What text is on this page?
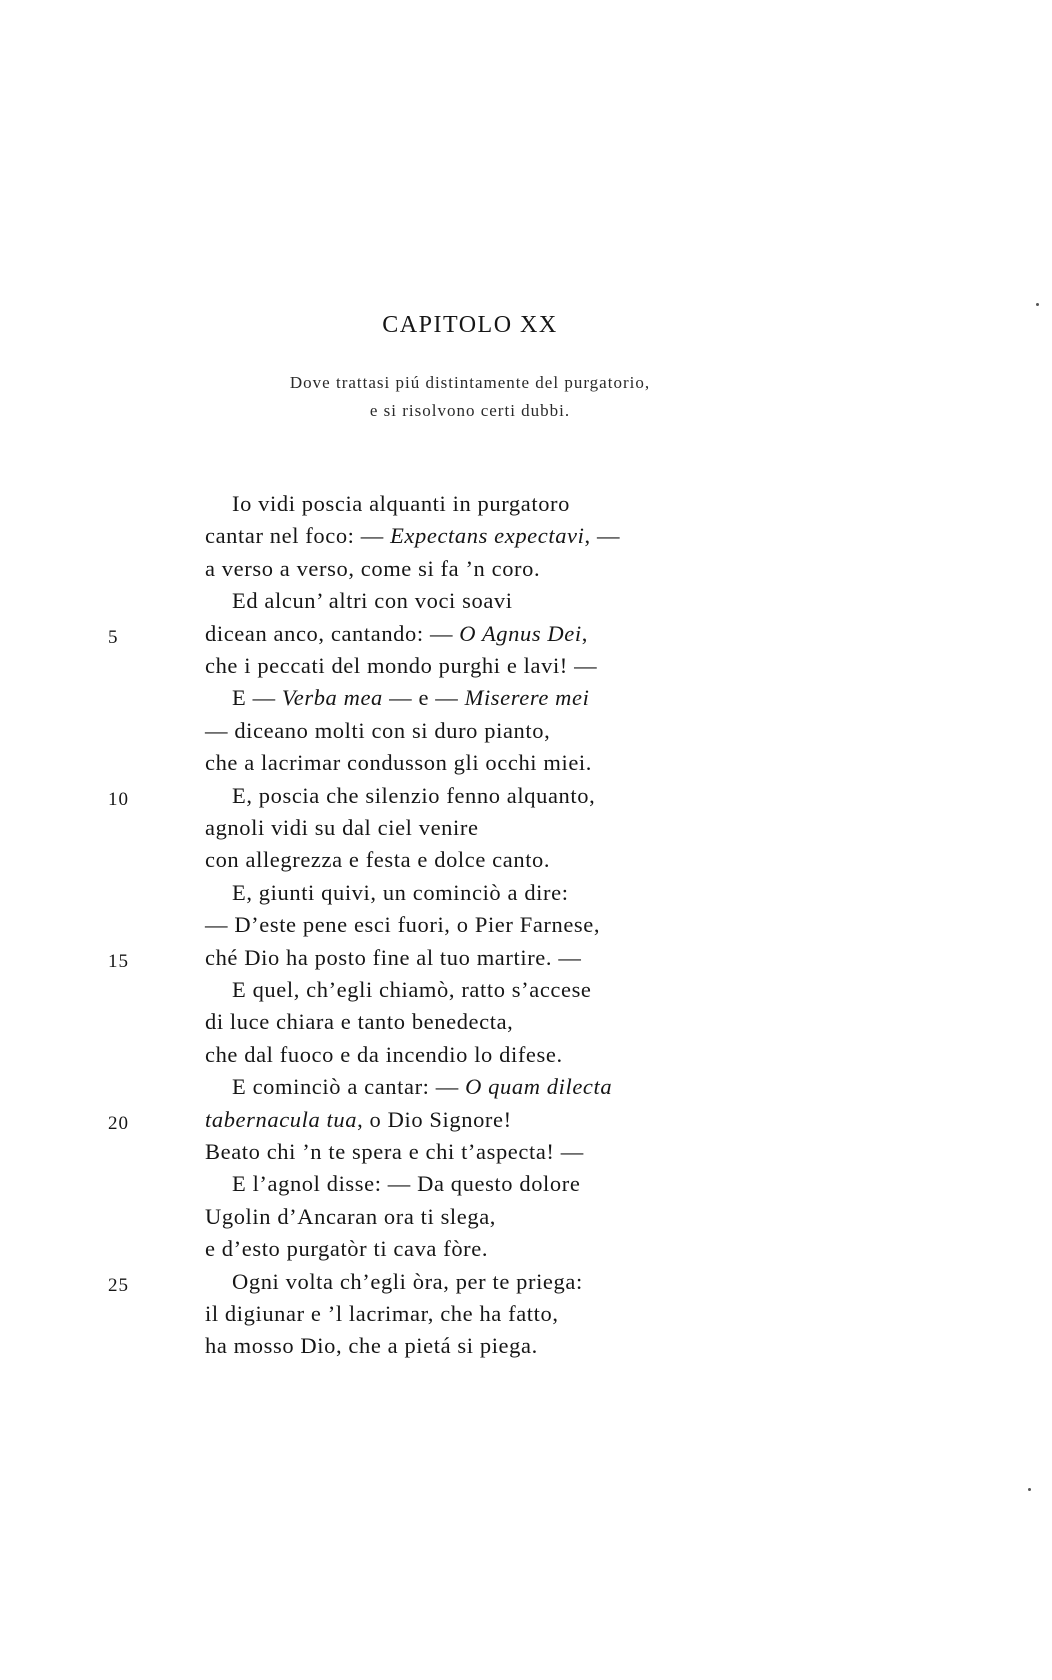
CAPITOLO XX
Dove trattasi piú distintamente del purgatorio,
e si risolvono certi dubbi.
Io vidi poscia alquanti in purgatoro
cantar nel foco: — Expectans expectavi, —
a verso a verso, come si fa ’n coro.
Ed alcun’ altri con voci soavi
dicean anco, cantando: — O Agnus Dei,
5
che i peccati del mondo purghi e lavi! —
E — Verba mea — e — Miserere mei
— diceano molti con si duro pianto,
che a lacrimar condusson gli occhi miei.
E, poscia che silenzio fenno alquanto,
10
agnoli vidi su dal ciel venire
con allegrezza e festa e dolce canto.
E, giunti quivi, un cominciò a dire:
— D’este pene esci fuori, o Pier Farnese,
ché Dio ha posto fine al tuo martire. —
15
E quel, ch’egli chiamò, ratto s’accese
di luce chiara e tanto benedecta,
che dal fuoco e da incendio lo difese.
E cominciò a cantar: — O quam dilecta
tabernacula tua, o Dio Signore!
20
Beato chi ’n te spera e chi t’aspecta! —
E l’agnol disse: — Da questo dolore
Ugolin d’Ancaran ora ti slega,
e d’esto purgatòr ti cava fòre.
Ogni volta ch’egli òra, per te priega:
25
il digiunar e ’l lacrimar, che ha fatto,
ha mosso Dio, che a pietá si piega.
